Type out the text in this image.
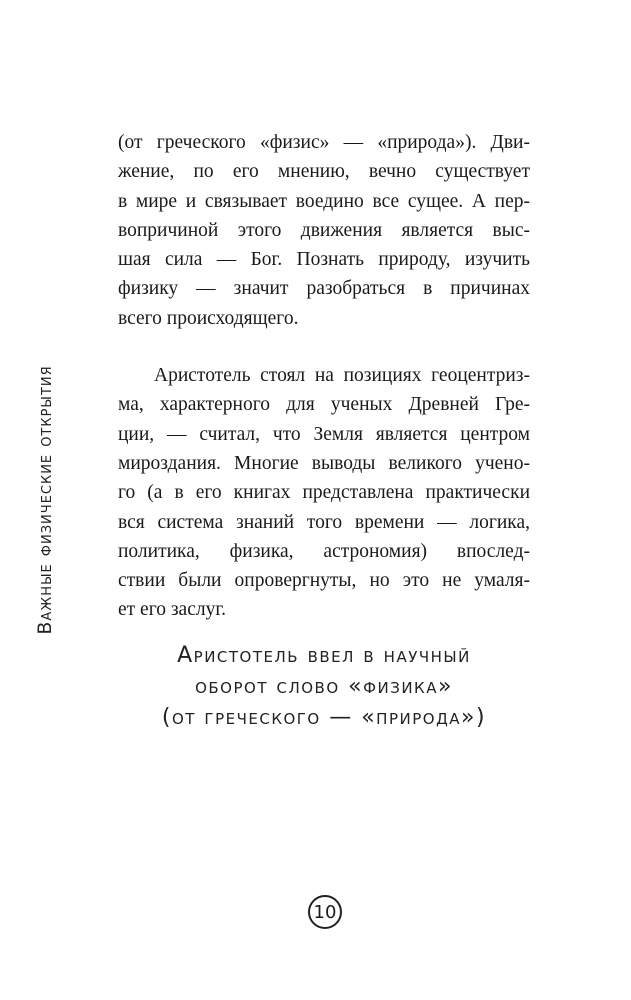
Важные физические открытия

(от греческого «физис» — «природа»). Дви-
жение, по его мнению, вечно существует
в мире и связывает воедино все сущее. А пер-
вопричиной этого движения является выс-
шая сила — Бог. Познать природу, изучить
физику — значит разобраться в причинах
всего происходящего.

Аристотель стоял на позициях геоцентриз-
ма, характерного для ученых Древней Гре-
ции, — считал, что Земля является центром
мироздания. Многие выводы великого учено-
го (а в его книгах представлена практически
вся система знаний того времени — логика,
политика, физика, астрономия) впослед-
ствии были опровергнуты, но это не умаля-
ет его заслуг.

Аристотель ввел в научный
оборот слово «физика»
(от греческого — «природа»)
10
